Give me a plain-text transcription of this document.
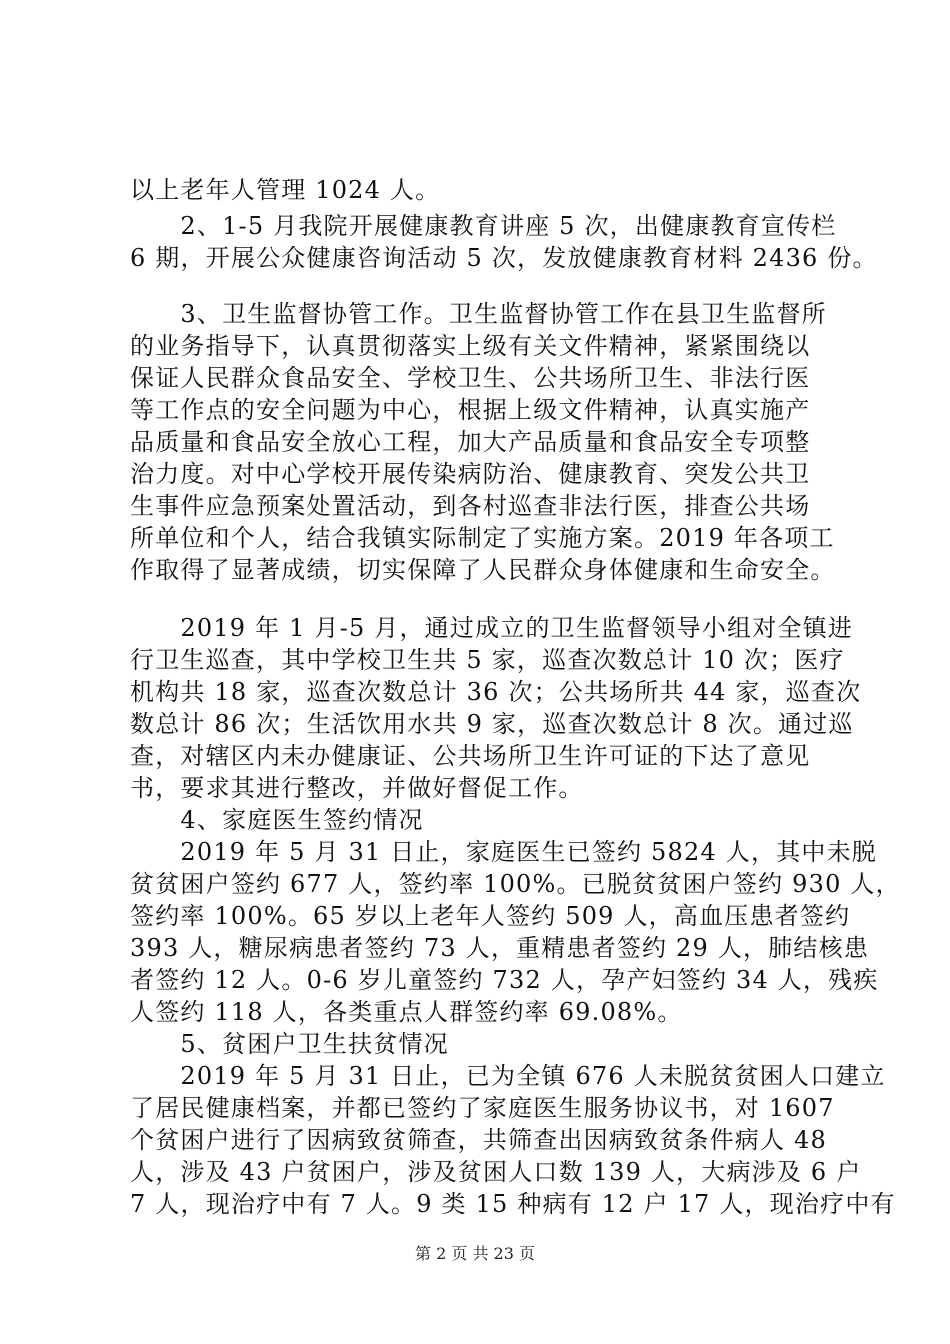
以上老年人管理 1024 人。
　　2、1-5 月我院开展健康教育讲座 5 次，出健康教育宣传栏
6 期，开展公众健康咨询活动 5 次，发放健康教育材料 2436 份。
　　3、卫生监督协管工作。卫生监督协管工作在县卫生监督所
的业务指导下，认真贯彻落实上级有关文件精神，紧紧围绕以
保证人民群众食品安全、学校卫生、公共场所卫生、非法行医
等工作点的安全问题为中心，根据上级文件精神，认真实施产
品质量和食品安全放心工程，加大产品质量和食品安全专项整
治力度。对中心学校开展传染病防治、健康教育、突发公共卫
生事件应急预案处置活动，到各村巡查非法行医，排查公共场
所单位和个人，结合我镇实际制定了实施方案。2019 年各项工
作取得了显著成绩，切实保障了人民群众身体健康和生命安全。
　　2019 年 1 月-5 月，通过成立的卫生监督领导小组对全镇进
行卫生巡查，其中学校卫生共 5 家，巡查次数总计 10 次；医疗
机构共 18 家，巡查次数总计 36 次；公共场所共 44 家，巡查次
数总计 86 次；生活饮用水共 9 家，巡查次数总计 8 次。通过巡
查，对辖区内未办健康证、公共场所卫生许可证的下达了意见
书，要求其进行整改，并做好督促工作。
　　4、家庭医生签约情况
　　2019 年 5 月 31 日止，家庭医生已签约 5824 人，其中未脱
贫贫困户签约 677 人，签约率 100%。已脱贫贫困户签约 930 人，
签约率 100%。65 岁以上老年人签约 509 人，高血压患者签约
393 人，糖尿病患者签约 73 人，重精患者签约 29 人，肺结核患
者签约 12 人。0-6 岁儿童签约 732 人，孕产妇签约 34 人，残疾
人签约 118 人，各类重点人群签约率 69.08%。
　　5、贫困户卫生扶贫情况
　　2019 年 5 月 31 日止，已为全镇 676 人未脱贫贫困人口建立
了居民健康档案，并都已签约了家庭医生服务协议书，对 1607
个贫困户进行了因病致贫筛查，共筛查出因病致贫条件病人 48
人，涉及 43 户贫困户，涉及贫困人口数 139 人，大病涉及 6 户
7 人，现治疗中有 7 人。9 类 15 种病有 12 户 17 人，现治疗中有
第 2 页 共 23 页
